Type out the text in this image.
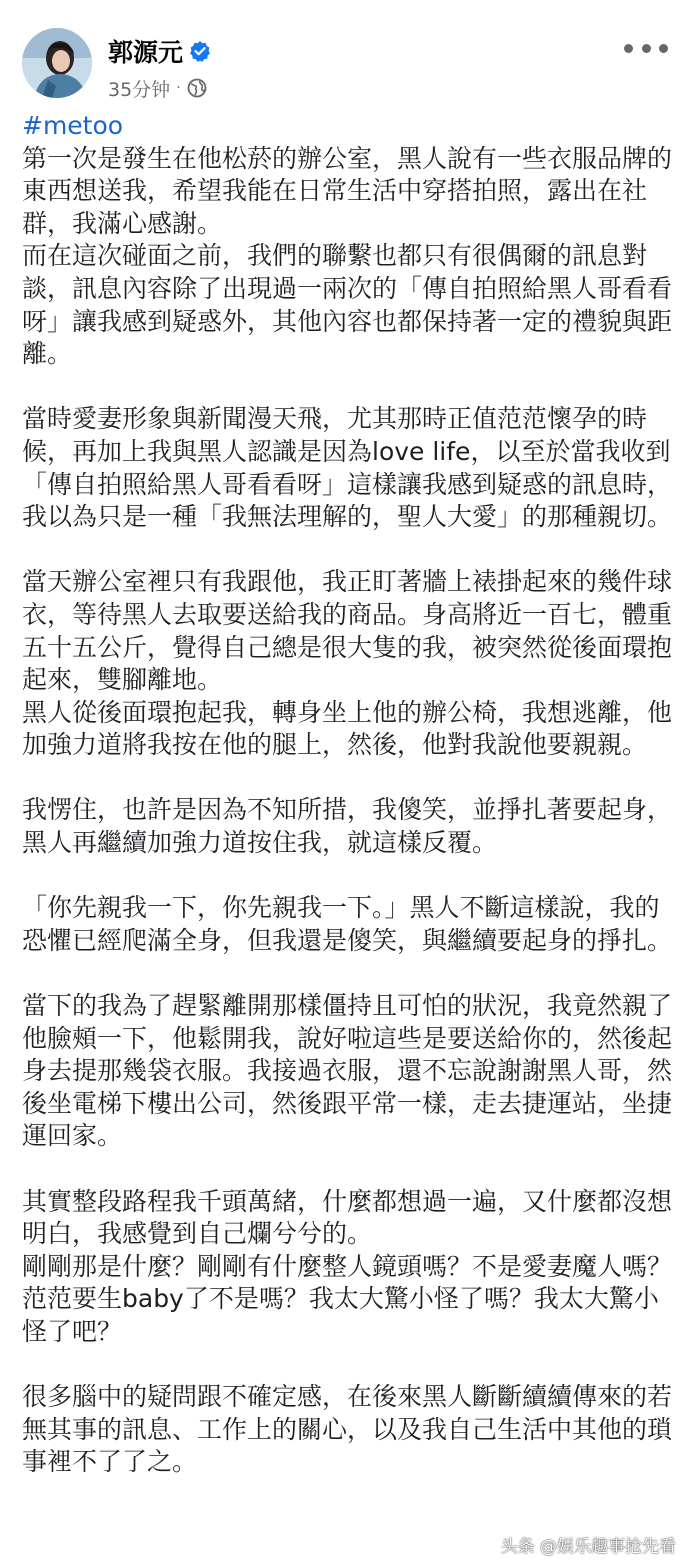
郭源元
35分钟 ·

#metoo

第一次是發生在他松菸的辦公室，黑人說有一些衣服品牌的東西想送我，希望我能在日常生活中穿搭拍照，露出在社群，我滿心感謝。

而在這次碰面之前，我們的聯繫也都只有很偶爾的訊息對談，訊息內容除了出現過一兩次的「傳自拍照給黑人哥看看呀」讓我感到疑惑外，其他內容也都保持著一定的禮貌與距離。

當時愛妻形象與新聞漫天飛，尤其那時正值范范懷孕的時候，再加上我與黑人認識是因為love life，以至於當我收到「傳自拍照給黑人哥看看呀」這樣讓我感到疑惑的訊息時，我以為只是一種「我無法理解的，聖人大愛」的那種親切。

當天辦公室裡只有我跟他，我正盯著牆上裱掛起來的幾件球衣，等待黑人去取要送給我的商品。身高將近一百七，體重五十五公斤，覺得自己總是很大隻的我，被突然從後面環抱起來，雙腳離地。

黑人從後面環抱起我，轉身坐上他的辦公椅，我想逃離，他加強力道將我按在他的腿上，然後，他對我說他要親親。

我愣住，也許是因為不知所措，我傻笑，並掙扎著要起身，黑人再繼續加強力道按住我，就這樣反覆。

「你先親我一下，你先親我一下。」黑人不斷這樣說，我的恐懼已經爬滿全身，但我還是傻笑，與繼續要起身的掙扎。

當下的我為了趕緊離開那樣僵持且可怕的狀況，我竟然親了他臉頰一下，他鬆開我，說好啦這些是要送給你的，然後起身去提那幾袋衣服。我接過衣服，還不忘說謝謝黑人哥，然後坐電梯下樓出公司，然後跟平常一樣，走去捷運站，坐捷運回家。

其實整段路程我千頭萬緒，什麼都想過一遍，又什麼都沒想明白，我感覺到自己爛兮兮的。

剛剛那是什麼？剛剛有什麼整人鏡頭嗎？不是愛妻魔人嗎？范范要生baby了不是嗎？我太大驚小怪了嗎？我太大驚小怪了吧？

很多腦中的疑問跟不確定感，在後來黑人斷斷續續傳來的若無其事的訊息、工作上的關心，以及我自己生活中其他的瑣事裡不了了之。

头条 @娱乐趣事抢先看
